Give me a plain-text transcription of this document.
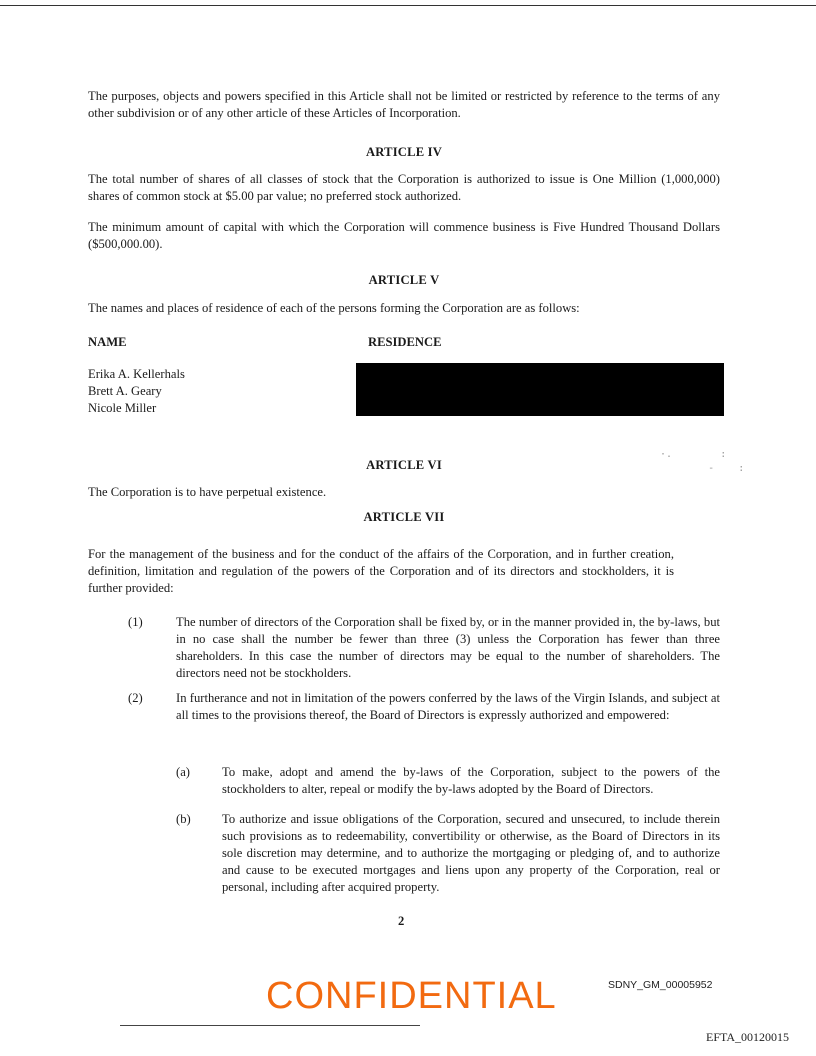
The purposes, objects and powers specified in this Article shall not be limited or restricted by reference to the terms of any other subdivision or of any other article of these Articles of Incorporation.
ARTICLE IV
The total number of shares of all classes of stock that the Corporation is authorized to issue is One Million (1,000,000) shares of common stock at $5.00 par value; no preferred stock authorized.
The minimum amount of capital with which the Corporation will commence business is Five Hundred Thousand Dollars ($500,000.00).
ARTICLE V
The names and places of residence of each of the persons forming the Corporation are as follows:
NAME	RESIDENCE
Erika A. Kellerhals
Brett A. Geary
Nicole Miller
·.        :
-    :
ARTICLE VI
The Corporation is to have perpetual existence.
ARTICLE VII
For the management of the business and for the conduct of the affairs of the Corporation, and in further creation, definition, limitation and regulation of the powers of the Corporation and of its directors and stockholders, it is further provided:
(1)	The number of directors of the Corporation shall be fixed by, or in the manner provided in, the by-laws, but in no case shall the number be fewer than three (3) unless the Corporation has fewer than three shareholders. In this case the number of directors may be equal to the number of shareholders. The directors need not be stockholders.
(2)	In furtherance and not in limitation of the powers conferred by the laws of the Virgin Islands, and subject at all times to the provisions thereof, the Board of Directors is expressly authorized and empowered:
(a)	To make, adopt and amend the by-laws of the Corporation, subject to the powers of the stockholders to alter, repeal or modify the by-laws adopted by the Board of Directors.
(b) To authorize and issue obligations of the Corporation, secured and unsecured, to include therein such provisions as to redeemability, convertibility or otherwise, as the Board of Directors in its sole discretion may determine, and to authorize the mortgaging or pledging of, and to authorize and cause to be executed mortgages and liens upon any property of the Corporation, real or personal, including after acquired property.
2
CONFIDENTIAL	SDNY_GM_00005952
EFTA_00120015
